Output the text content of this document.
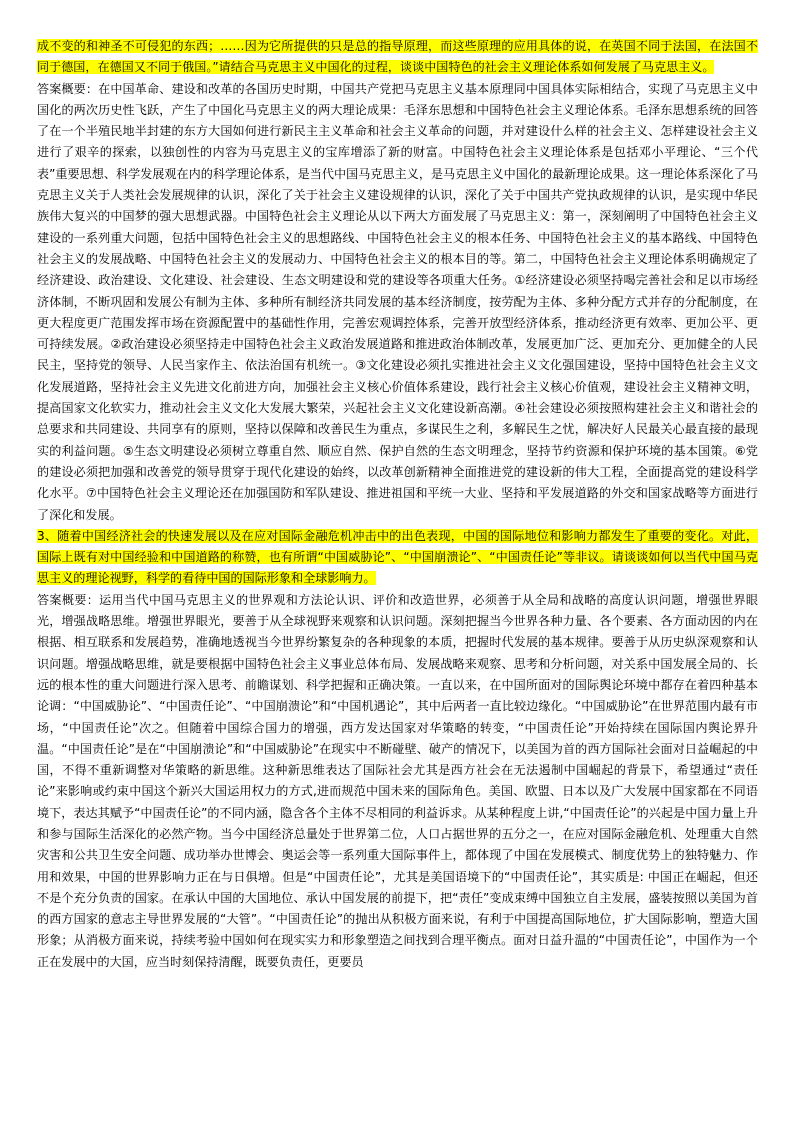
成不变的和神圣不可侵犯的东西；……因为它所提供的只是总的指导原理，而这些原理的应用具体的说，在英国不同于法国，在法国不同于德国，在德国又不同于俄国。”请结合马克思主义中国化的过程，谈谈中国特色的社会主义理论体系如何发展了马克思主义。

答案概要：在中国革命、建设和改革的各国历史时期，中国共产党把马克思主义基本原理同中国具体实际相结合，实现了马克思主义中国化的两次历史性飞跃，产生了中国化马克思主义的两大理论成果：毛泽东思想和中国特色社会主义理论体系。毛泽东思想系统的回答了在一个半殖民地半封建的东方大国如何进行新民主主义革命和社会主义革命的问题，并对建设什么样的社会主义、怎样建设社会主义进行了艰辛的探索，以独创性的内容为马克思主义的宝库增添了新的财富。中国特色社会主义理论体系是包括邓小平理论、“三个代表”重要思想、科学发展观在内的科学理论体系，是当代中国马克思主义，是马克思主义中国化的最新理论成果。这一理论体系深化了马克思主义关于人类社会发展规律的认识，深化了关于社会主义建设规律的认识，深化了关于中国共产党执政规律的认识，是实现中华民族伟大复兴的中国梦的强大思想武器。中国特色社会主义理论从以下两大方面发展了马克思主义：第一，深刻阐明了中国特色社会主义建设的一系列重大问题，包括中国特色社会主义的思想路线、中国特色社会主义的根本任务、中国特色社会主义的基本路线、中国特色社会主义的发展战略、中国特色社会主义的发展动力、中国特色社会主义的根本目的等。第二，中国特色社会主义理论体系明确规定了经济建设、政治建设、文化建设、社会建设、生态文明建设和党的建设等各项重大任务。①经济建设必须坚持喝完善社会和足以市场经济体制，不断巩固和发展公有制为主体、多种所有制经济共同发展的基本经济制度，按劳配为主体、多种分配方式并存的分配制度，在更大程度更广范围发挥市场在资源配置中的基础性作用，完善宏观调控体系，完善开放型经济体系，推动经济更有效率、更加公平、更可持续发展。②政治建设必须坚持走中国特色社会主义政治发展道路和推进政治体制改革，发展更加广泛、更加充分、更加健全的人民民主，坚持党的领导、人民当家作主、依法治国有机统一。③文化建设必须扎实推进社会主义文化强国建设，坚持中国特色社会主义文化发展道路，坚持社会主义先进文化前进方向，加强社会主义核心价值体系建设，践行社会主义核心价值观，建设社会主义精神文明，提高国家文化软实力，推动社会主义文化大发展大繁荣，兴起社会主义文化建设新高潮。④社会建设必须按照构建社会主义和谐社会的总要求和共同建设、共同享有的原则，坚持以保障和改善民生为重点，多谋民生之利，多解民生之忧，解决好人民最关心最直接的最现实的利益问题。⑤生态文明建设必须树立尊重自然、顺应自然、保护自然的生态文明理念，坚持节约资源和保护环境的基本国策。⑥党的建设必须把加强和改善党的领导贯穿于现代化建设的始终，以改革创新精神全面推进党的建设新的伟大工程，全面提高党的建设科学化水平。⑦中国特色社会主义理论还在加强国防和军队建设、推进祖国和平统一大业、坚持和平发展道路的外交和国家战略等方面进行了深化和发展。

3、随着中国经济社会的快速发展以及在应对国际金融危机冲击中的出色表现，中国的国际地位和影响力都发生了重要的变化。对此，国际上既有对中国经验和中国道路的称赞，也有所谓“中国威胁论”、“中国崩溃论”、“中国责任论”等非议。请谈谈如何以当代中国马克思主义的理论视野，科学的看待中国的国际形象和全球影响力。

答案概要：运用当代中国马克思主义的世界观和方法论认识、评价和改造世界，必须善于从全局和战略的高度认识问题，增强世界眼光，增强战略思维。增强世界眼光，要善于从全球视野来观察和认识问题。深刻把握当今世界各种力量、各个要素、各方面动因的内在根据、相互联系和发展趋势，准确地透视当今世界纷繁复杂的各种现象的本质，把握时代发展的基本规律。要善于从历史纵深观察和认识问题。增强战略思维，就是要根据中国特色社会主义事业总体布局、发展战略来观察、思考和分析问题，对关系中国发展全局的、长远的根本性的重大问题进行深入思考、前瞻谋划、科学把握和正确决策。一直以来，在中国所面对的国际舆论环境中都存在着四种基本论调：“中国威胁论”、“中国责任论”、“中国崩溃论”和“中国机遇论”，其中后两者一直比较边缘化。“中国威胁论”在世界范围内最有市场，“中国责任论”次之。但随着中国综合国力的增强，西方发达国家对华策略的转变，“中国责任论”开始持续在国际国内舆论界升温。“中国责任论”是在“中国崩溃论”和“中国威胁论”在现实中不断碰壁、破产的情况下，以美国为首的西方国际社会面对日益崛起的中国，不得不重新调整对华策略的新思维。这种新思维表达了国际社会尤其是西方社会在无法遏制中国崛起的背景下，希望通过“责任论”来影响或约束中国这个新兴大国运用权力的方式,进而规范中国未来的国际角色。美国、欧盟、日本以及广大发展中国家都在不同语境下，表达其赋予“中国责任论”的不同内涵，隐含各个主体不尽相同的利益诉求。从某种程度上讲,“中国责任论”的兴起是中国力量上升和参与国际生活深化的必然产物。当今中国经济总量处于世界第二位，人口占据世界的五分之一，在应对国际金融危机、处理重大自然灾害和公共卫生安全问题、成功举办世博会、奥运会等一系列重大国际事件上，都体现了中国在发展模式、制度优势上的独特魅力、作用和效果，中国的世界影响力正在与日俱增。但是“中国责任论”，尤其是美国语境下的“中国责任论”，其实质是: 中国正在崛起，但还不是个充分负责的国家。在承认中国的大国地位、承认中国发展的前提下，把“责任”变成束缚中国独立自主发展，盛装按照以美国为首的西方国家的意志主导世界发展的“大管”。“中国责任论”的抛出从积极方面来说，有利于中国提高国际地位，扩大国际影响，塑造大国形象；从消极方面来说，持续考验中国如何在现实实力和形象塑造之间找到合理平衡点。面对日益升温的“中国责任论”，中国作为一个正在发展中的大国，应当时刻保持清醒，既要负责任，更要员
